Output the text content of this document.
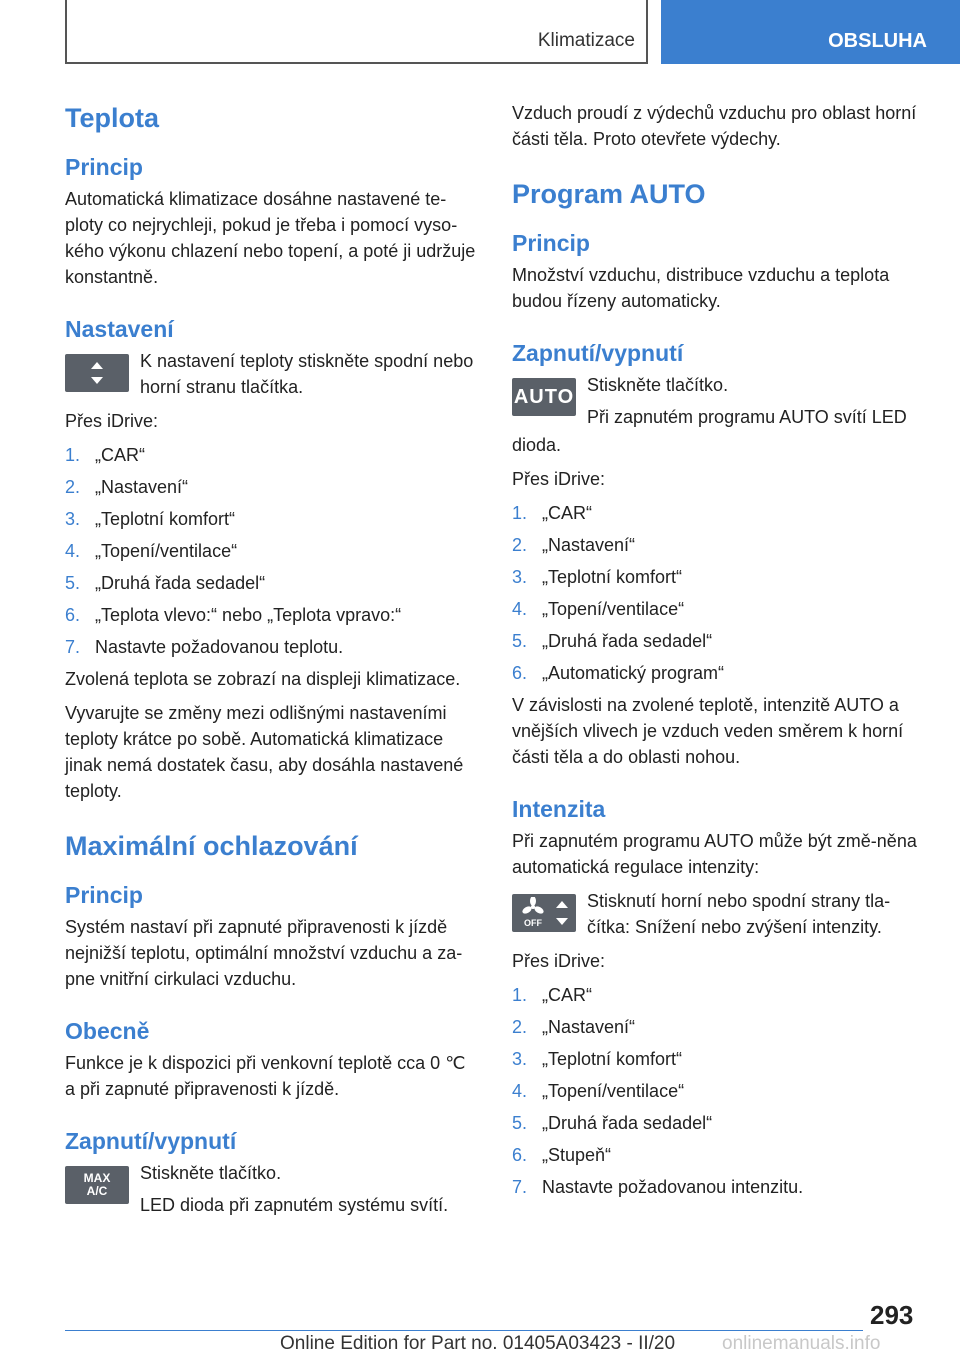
Klimatizace	OBSLUHA
Teplota
Princip

Automatická klimatizace dosáhne nastavené te-ploty co nejrychleji, pokud je třeba i pomocí vyso-kého výkonu chlazení nebo topení, a poté ji udržuje konstantně.

Nastavení

K nastavení teploty stiskněte spodní nebo horní stranu tlačítka.

Přes iDrive:

1. „CAR“
2. „Nastavení“
3. „Teplotní komfort“
4. „Topení/ventilace“
5. „Druhá řada sedadel“
6. „Teplota vlevo:“ nebo „Teplota vpravo:“
7. Nastavte požadovanou teplotu.

Zvolená teplota se zobrazí na displeji klimatizace.

Vyvarujte se změny mezi odlišnými nastaveními teploty krátce po sobě. Automatická klimatizace jinak nemá dostatek času, aby dosáhla nastavené teploty.

Maximální ochlazování
Princip

Systém nastaví při zapnuté připravenosti k jízdě nejnižší teplotu, optimální množství vzduchu a za-pne vnitřní cirkulaci vzduchu.

Obecně

Funkce je k dispozici při venkovní teplotě cca 0 ℃ a při zapnuté připravenosti k jízdě.

Zapnutí/vypnutí
MAX
A/C

Stiskněte tlačítko.

LED dioda při zapnutém systému svítí.

Vzduch proudí z výdechů vzduchu pro oblast horní části těla. Proto otevřete výdechy.

Program AUTO
Princip

Množství vzduchu, distribuce vzduchu a teplota budou řízeny automaticky.

Zapnutí/vypnutí
AUTO

Stiskněte tlačítko.

Při zapnutém programu AUTO svítí LED

dioda.

Přes iDrive:

1. „CAR“
2. „Nastavení“
3. „Teplotní komfort“
4. „Topení/ventilace“
5. „Druhá řada sedadel“
6. „Automatický program“

V závislosti na zvolené teplotě, intenzitě AUTO a vnějších vlivech je vzduch veden směrem k horní části těla a do oblasti nohou.

Intenzita

Při zapnutém programu AUTO může být změ-něna automatická regulace intenzity:

OFF

Stisknutí horní nebo spodní strany tla-čítka: Snížení nebo zvýšení intenzity.

Přes iDrive:

1. „CAR“
2. „Nastavení“
3. „Teplotní komfort“
4. „Topení/ventilace“
5. „Druhá řada sedadel“
6. „Stupeň“
7. Nastavte požadovanou intenzitu.
293
Online Edition for Part no. 01405A03423 - II/20 onlinemanuals.info
